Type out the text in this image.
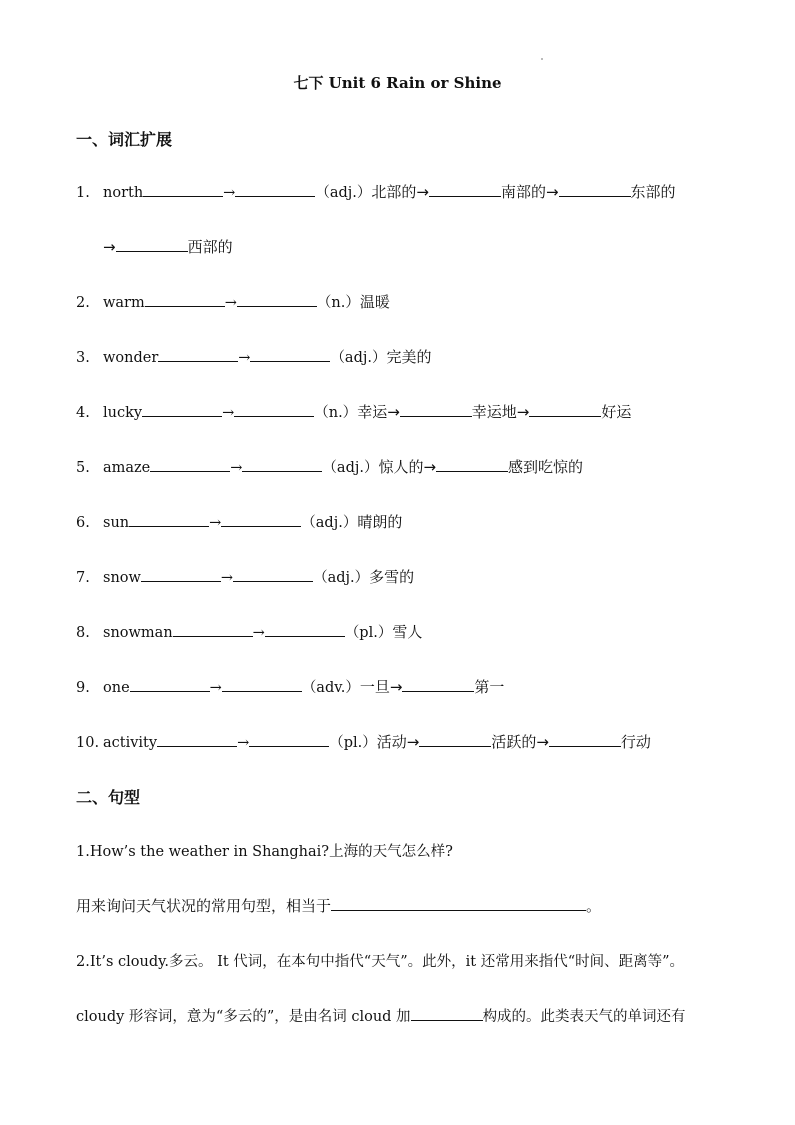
七下 Unit 6 Rain or Shine
一、词汇扩展
1. north	→	（adj.）北部的→	南部的→	东部的
→	西部的
2. warm	→	（n.）温暖
3. wonder	→	（adj.）完美的
4. lucky	→	（n.）幸运→	幸运地→	好运
5. amaze	→	（adj.）惊人的→	感到吃惊的
6. sun	→	（adj.）晴朗的
7. snow	→	（adj.）多雪的
8. snowman	→	（pl.）雪人
9. one	→	（adv.）一旦→	第一
10. activity	→	（pl.）活动→	活跃的→	行动
二、句型
1.How’s the weather in Shanghai?上海的天气怎么样?
用来询问天气状况的常用句型，相当于	。
2.It’s cloudy.多云。 It 代词，在本句中指代“天气”。此外，it 还常用来指代“时间、距离等”。
cloudy 形容词，意为“多云的”，是由名词 cloud 加	构成的。此类表天气的单词还有
